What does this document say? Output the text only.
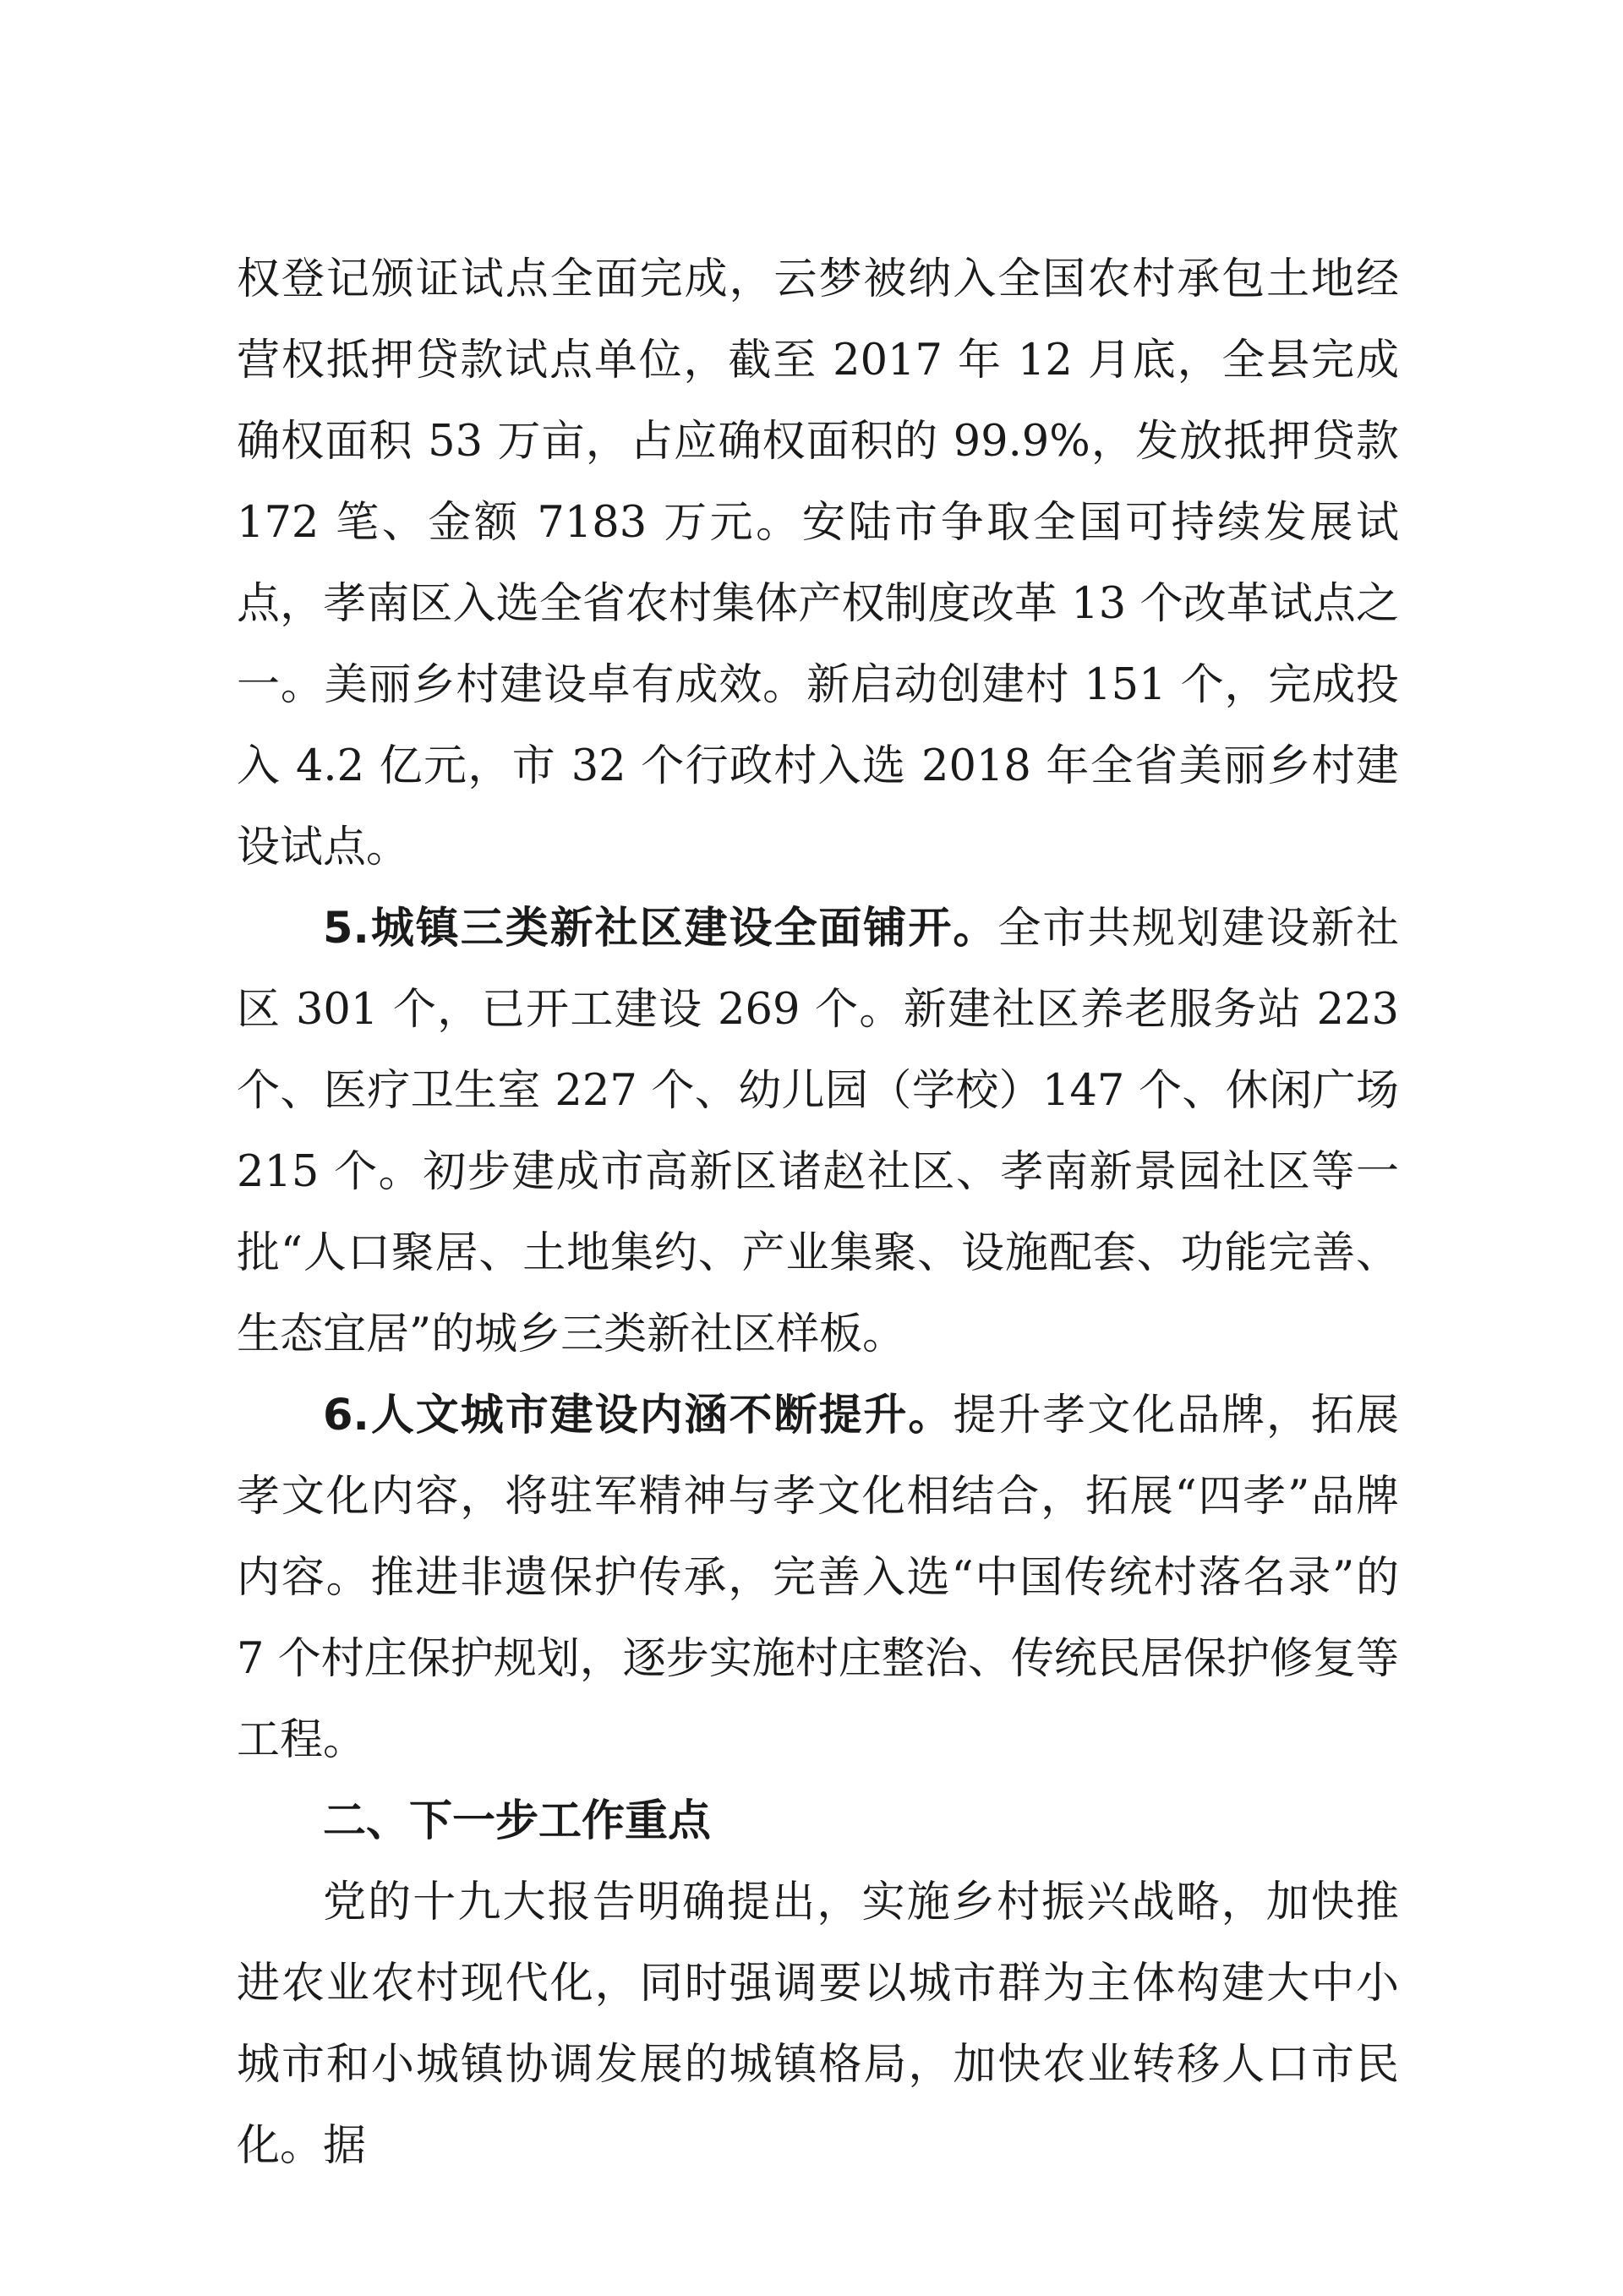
权登记颁证试点全面完成，云梦被纳入全国农村承包土地经营权抵押贷款试点单位，截至 2017 年 12 月底，全县完成确权面积 53 万亩，占应确权面积的 99.9%，发放抵押贷款 172 笔、金额 7183 万元。安陆市争取全国可持续发展试点，孝南区入选全省农村集体产权制度改革 13 个改革试点之一。美丽乡村建设卓有成效。新启动创建村 151 个，完成投入 4.2 亿元，市 32 个行政村入选 2018 年全省美丽乡村建设试点。

5.城镇三类新社区建设全面铺开。全市共规划建设新社区 301 个，已开工建设 269 个。新建社区养老服务站 223 个、医疗卫生室 227 个、幼儿园（学校）147 个、休闲广场 215 个。初步建成市高新区诸赵社区、孝南新景园社区等一批“人口聚居、土地集约、产业集聚、设施配套、功能完善、生态宜居”的城乡三类新社区样板。

6.人文城市建设内涵不断提升。提升孝文化品牌，拓展孝文化内容，将驻军精神与孝文化相结合，拓展“四孝”品牌内容。推进非遗保护传承，完善入选“中国传统村落名录”的 7 个村庄保护规划，逐步实施村庄整治、传统民居保护修复等工程。

二、下一步工作重点

党的十九大报告明确提出，实施乡村振兴战略，加快推进农业农村现代化，同时强调要以城市群为主体构建大中小城市和小城镇协调发展的城镇格局，加快农业转移人口市民化。据
